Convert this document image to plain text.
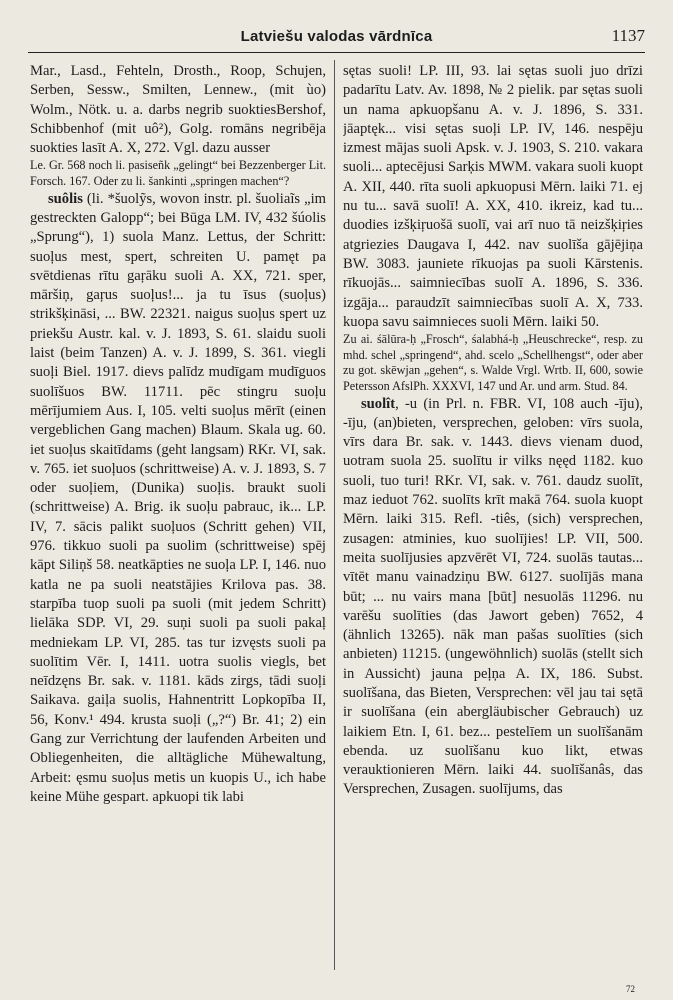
Latviešu valodas vārdnīca	1137

Mar., Lasd., Fehteln, Drosth., Roop, Schujen, Serben, Sessw., Smilten, Lennew., (mit ùo) Wolm., Nötk. u. a. darbs negrib suoktiesBershof, Schibbenhof (mit uô²), Golg. romāns negribēja suokties lasīt A. X, 272. Vgl. dazu ausser

Le. Gr. 568 noch li. pasiseñk „gelingt“ bei Bezzenberger Lit. Forsch. 167. Oder zu li. šankinti „springen machen“?

suôlis (li. *šuolỹs, wovon instr. pl. šuoliaĩs „im gestreckten Galopp“; bei Būga LM. IV, 432 šúolis „Sprung“), 1) suola Manz. Lettus, der Schritt: suoļus mest, spert, schreiten U. pamęt pa svētdienas rītu gaŗāku suoli A. XX, 721. sper, māršiņ, gaŗus suoļus!... ja tu īsus (suoļus) strikšķināsi, ... BW. 22321. naigus suoļus spert uz priekšu Austr. kal. v. J. 1893, S. 61. slaidu suoli laist (beim Tanzen) A. v. J. 1899, S. 361. viegli suoļi Biel. 1917. dievs palīdz mudīgam mudīguos suolīšuos BW. 11711. pēc stingru suoļu mērījumiem Aus. I, 105. velti suoļus mērīt (einen vergeblichen Gang machen) Blaum. Skala ug. 60. iet suoļus skaitīdams (geht langsam) RKr. VI, sak. v. 765. iet suoļuos (schrittweise) A. v. J. 1893, S. 7 oder suoļiem, (Dunika) suoļis. braukt suoli (schrittweise) A. Brig. ik suoļu pabrauc, ik... LP. IV, 7. sācis palikt suoļuos (Schritt gehen) VII, 976. tikkuo suoli pa suolim (schrittweise) spēj kāpt Siliņš 58. neatkāpties ne suoļa LP. I, 146. nuo katla ne pa suoli neatstājies Krilova pas. 38. starpība tuop suoli pa suoli (mit jedem Schritt) lielāka SDP. VI, 29. suņi suoli pa suoli pakaļ medniekam LP. VI, 285. tas tur izvęsts suoli pa suolītim Vēr. I, 1411. uotra suolis viegls, bet neīdzęns Br. sak. v. 1181. kāds zirgs, tādi suoļi Saikava. gaiļa suolis, Hahnentritt Lopkopība II, 56, Konv.¹ 494. krusta suoļi („?“) Br. 41; 2) ein Gang zur Verrichtung der laufenden Arbeiten und Obliegenheiten, die alltägliche Mühewaltung, Arbeit: ęsmu suoļus metis un kuopis U., ich habe keine Mühe gespart. apkuopi tik labi

sętas suoli! LP. III, 93. lai sętas suoli juo drīzi padarītu Latv. Av. 1898, № 2 pielik. par sętas suoli un nama apkuopšanu A. v. J. 1896, S. 331. jāaptęk... visi sętas suoļi LP. IV, 146. nespēju izmest mājas suoli Apsk. v. J. 1903, S. 210. vakara suoli... aptecējusi Sarķis MWM. vakara suoli kuopt A. XII, 440. rīta suoli apkuopusi Mērn. laiki 71. ej nu tu... savā suolī! A. XX, 410. ikreiz, kad tu... duodies izšķiŗuošā suolī, vai arī nuo tā neizšķiŗies atgriezies Daugava I, 442. nav suolīša gājējiņa BW. 3083. jauniete rīkuojas pa suoli Kārstenis. rīkuojās... saimniecības suolī A. 1896, S. 336. izgāja... paraudzīt saimniecības suolī A. X, 733. kuopa savu saimnieces suoli Mērn. laiki 50.

Zu ai. śālūra-ḥ „Frosch“, śalabhá-ḥ „Heuschrecke“, resp. zu mhd. schel „springend“, ahd. scelo „Schellhengst“, oder aber zu got. skēwjan „gehen“, s. Walde Vrgl. Wrtb. II, 600, sowie Petersson AfslPh. XXXVI, 147 und Ar. und arm. Stud. 84.

suolît, -u (in Prl. n. FBR. VI, 108 auch -īju), -īju, (an)bieten, versprechen, geloben: vīrs suola, vīrs dara Br. sak. v. 1443. dievs vienam duod, uotram suola 25. suolītu ir vilks nęęd 1182. kuo suoli, tuo turi! RKr. VI, sak. v. 761. daudz suolīt, maz ieduot 762. suolīts krīt makā 764. suola kuopt Mērn. laiki 315. Refl. -tiês, (sich) versprechen, zusagen: atminies, kuo suolījies! LP. VII, 500. meita suolījusies apzvērēt VI, 724. suolās tautas... vītēt manu vainadziņu BW. 6127. suolījās mana būt; ... nu vairs mana [būt] nesuolās 11296. nu varēšu suolīties (das Jawort geben) 7652, 4 (ähnlich 13265). nāk man pašas suolīties (sich anbieten) 11215. (ungewöhnlich) suolās (stellt sich in Aussicht) jauna peļņa A. IX, 186. Subst. suolīšana, das Bieten, Versprechen: vēl jau tai sętā ir suolīšana (ein abergläubischer Gebrauch) uz laikiem Etn. I, 61. bez... pestelīem un suolīšanām ebenda. uz suolīšanu kuo likt, etwas verauktionieren Mērn. laiki 44. suolīšanâs, das Versprechen, Zusagen. suolījums, das

72
